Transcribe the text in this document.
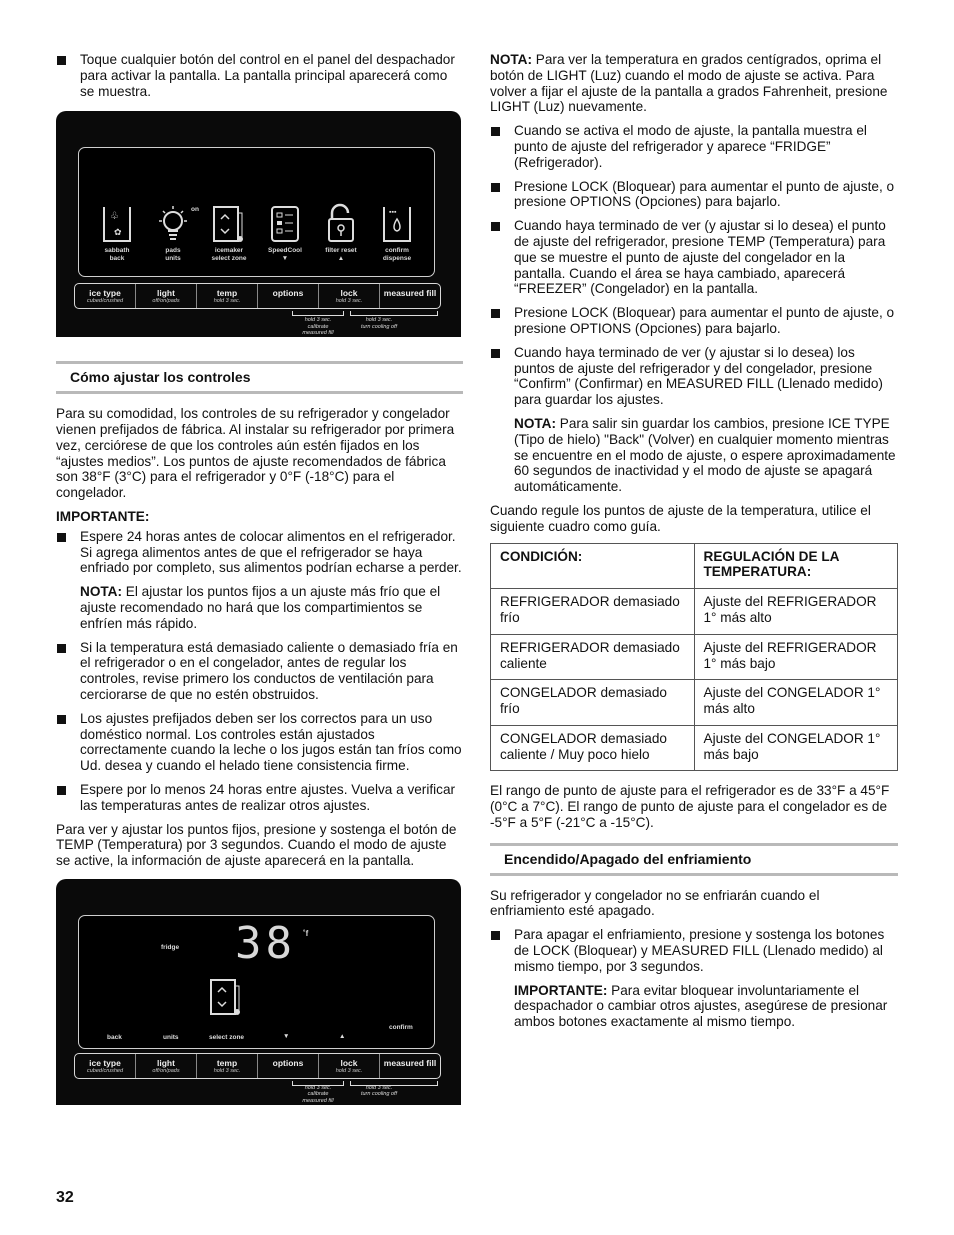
Toque cualquier botón del control en el panel del despachador para activar la pantalla. La pantalla principal aparecerá como se muestra.
on
♧
✿
sabbath
back
pads
units
icemaker
select zone
SpeedCool
▼
filter reset
▲
▪▪▪
confirm
dispense
ice type
cubed/crushed
light
off/on/pads
temp
hold 3 sec.
options	lock
hold 3 sec.
measured fill
hold 3 sec.
calibrate
measured fill
hold 3 sec.
turn cooling off
Cómo ajustar los controles

Para su comodidad, los controles de su refrigerador y congelador vienen prefijados de fábrica. Al instalar su refrigerador por primera vez, cerciórese de que los controles aún estén fijados en los “ajustes medios”. Los puntos de ajuste recomendados de fábrica son 38°F (3°C) para el refrigerador y 0°F (-18°C) para el congelador.

IMPORTANTE:

Espere 24 horas antes de colocar alimentos en el refrigerador. Si agrega alimentos antes de que el refrigerador se haya enfriado por completo, sus alimentos podrían echarse a perder.
NOTA: El ajustar los puntos fijos a un ajuste más frío que el ajuste recomendado no hará que los compartimientos se enfríen más rápido.
Si la temperatura está demasiado caliente o demasiado fría en el refrigerador o en el congelador, antes de regular los controles, revise primero los conductos de ventilación para cerciorarse de que no estén obstruidos.
Los ajustes prefijados deben ser los correctos para un uso doméstico normal. Los controles están ajustados correctamente cuando la leche o los jugos están tan fríos como Ud. desea y cuando el helado tiene consistencia firme.
Espere por lo menos 24 horas entre ajustes. Vuelva a verificar las temperaturas antes de realizar otros ajustes.

Para ver y ajustar los puntos fijos, presione y sostenga el botón de TEMP (Temperatura) por 3 segundos. Cuando el modo de ajuste se active, la información de ajuste aparecerá en la pantalla.

fridge 38 ˚f
confirm
back	units	select zone	▼	▲
ice type
cubed/crushed
light
off/on/pads
temp
hold 3 sec.
options	lock
hold 3 sec.
measured fill
hold 3 sec.
calibrate
measured fill
hold 3 sec.
turn cooling off

NOTA: Para ver la temperatura en grados centígrados, oprima el botón de LIGHT (Luz) cuando el modo de ajuste se activa. Para volver a fijar el ajuste de la pantalla a grados Fahrenheit, presione LIGHT (Luz) nuevamente.

Cuando se activa el modo de ajuste, la pantalla muestra el punto de ajuste del refrigerador y aparece “FRIDGE” (Refrigerador).
Presione LOCK (Bloquear) para aumentar el punto de ajuste, o presione OPTIONS (Opciones) para bajarlo.
Cuando haya terminado de ver (y ajustar si lo desea) el punto de ajuste del refrigerador, presione TEMP (Temperatura) para que se muestre el punto de ajuste del congelador en la pantalla. Cuando el área se haya cambiado, aparecerá “FREEZER” (Congelador) en la pantalla.
Presione LOCK (Bloquear) para aumentar el punto de ajuste, o presione OPTIONS (Opciones) para bajarlo.
Cuando haya terminado de ver (y ajustar si lo desea) los puntos de ajuste del refrigerador y del congelador, presione “Confirm” (Confirmar) en MEASURED FILL (Llenado medido) para guardar los ajustes.
NOTA: Para salir sin guardar los cambios, presione ICE TYPE (Tipo de hielo) "Back" (Volver) en cualquier momento mientras se encuentre en el modo de ajuste, o espere aproximadamente 60 segundos de inactividad y el modo de ajuste se apagará automáticamente.

Cuando regule los puntos de ajuste de la temperatura, utilice el siguiente cuadro como guía.

CONDICIÓN:	REGULACIÓN DE LA TEMPERATURA:
REFRIGERADOR demasiado frío	Ajuste del REFRIGERADOR 1° más alto
REFRIGERADOR demasiado caliente	Ajuste del REFRIGERADOR 1° más bajo
CONGELADOR demasiado frío	Ajuste del CONGELADOR 1° más alto
CONGELADOR demasiado caliente / Muy poco hielo	Ajuste del CONGELADOR 1° más bajo

El rango de punto de ajuste para el refrigerador es de 33°F a 45°F (0°C a 7°C). El rango de punto de ajuste para el congelador es de -5°F a 5°F (-21°C a -15°C).

Encendido/Apagado del enfriamiento

Su refrigerador y congelador no se enfriarán cuando el enfriamiento esté apagado.

Para apagar el enfriamiento, presione y sostenga los botones de LOCK (Bloquear) y MEASURED FILL (Llenado medido) al mismo tiempo, por 3 segundos.
IMPORTANTE: Para evitar bloquear involuntariamente el despachador o cambiar otros ajustes, asegúrese de presionar ambos botones exactamente al mismo tiempo.
32
